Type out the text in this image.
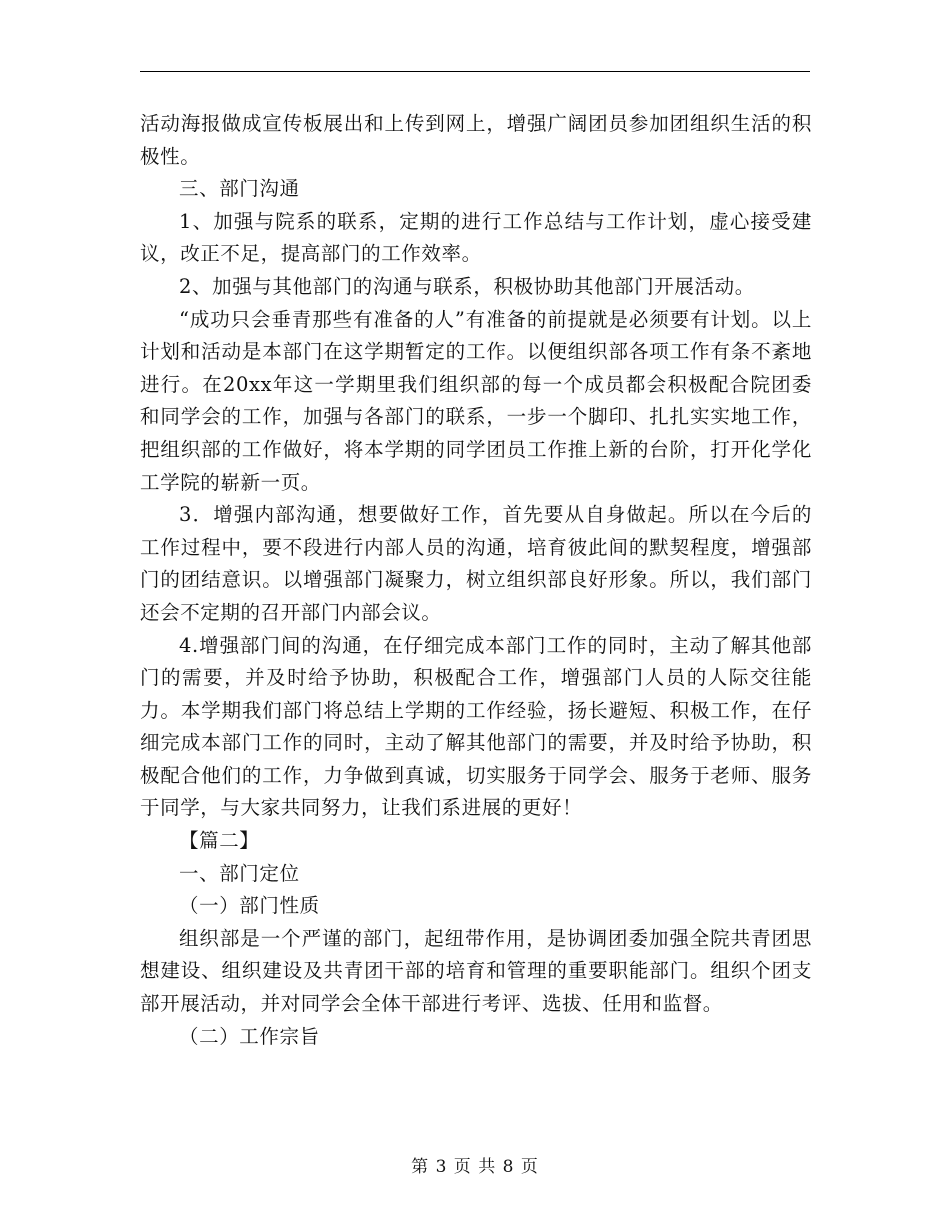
活动海报做成宣传板展出和上传到网上，增强广阔团员参加团组织生活的积极性。

三、部门沟通

1、加强与院系的联系，定期的进行工作总结与工作计划，虚心接受建议，改正不足，提高部门的工作效率。

2、加强与其他部门的沟通与联系，积极协助其他部门开展活动。

“成功只会垂青那些有准备的人”有准备的前提就是必须要有计划。以上计划和活动是本部门在这学期暂定的工作。以便组织部各项工作有条不紊地进行。在20xx年这一学期里我们组织部的每一个成员都会积极配合院团委和同学会的工作，加强与各部门的联系，一步一个脚印、扎扎实实地工作，把组织部的工作做好，将本学期的同学团员工作推上新的台阶，打开化学化工学院的崭新一页。

3．增强内部沟通，想要做好工作，首先要从自身做起。所以在今后的工作过程中，要不段进行内部人员的沟通，培育彼此间的默契程度，增强部门的团结意识。以增强部门凝聚力，树立组织部良好形象。所以，我们部门还会不定期的召开部门内部会议。

4.增强部门间的沟通，在仔细完成本部门工作的同时，主动了解其他部门的需要，并及时给予协助，积极配合工作，增强部门人员的人际交往能力。本学期我们部门将总结上学期的工作经验，扬长避短、积极工作，在仔细完成本部门工作的同时，主动了解其他部门的需要，并及时给予协助，积极配合他们的工作，力争做到真诚，切实服务于同学会、服务于老师、服务于同学，与大家共同努力，让我们系进展的更好！

【篇二】

一、部门定位

（一）部门性质

组织部是一个严谨的部门，起纽带作用，是协调团委加强全院共青团思想建设、组织建设及共青团干部的培育和管理的重要职能部门。组织个团支部开展活动，并对同学会全体干部进行考评、选拔、任用和监督。

（二）工作宗旨

第 3 页 共 8 页
